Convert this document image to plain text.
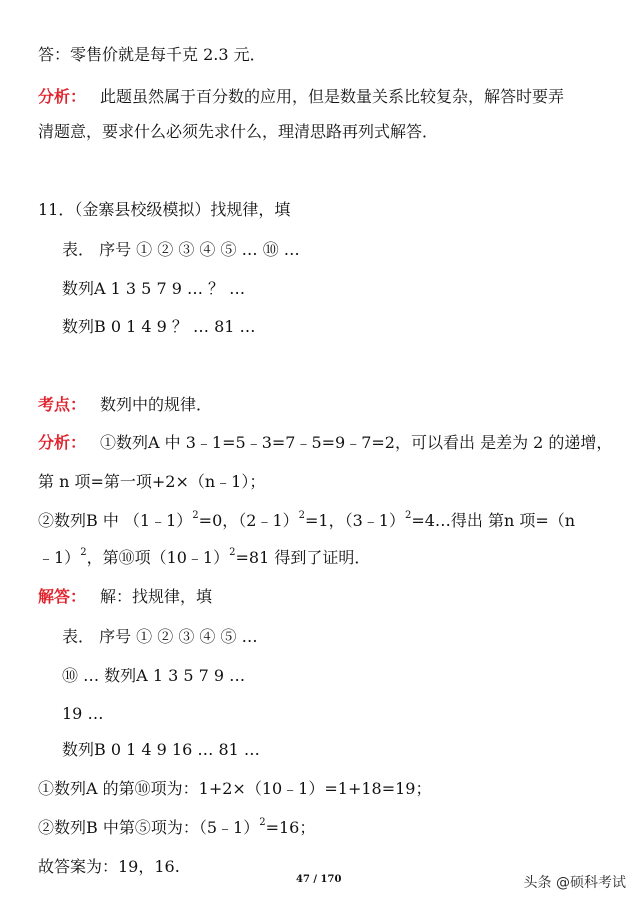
答：零售价就是每千克 2.3 元．
分析： 此题虽然属于百分数的应用，但是数量关系比较复杂，解答时要弄
清题意，要求什么必须先求什么，理清思路再列式解答．
11．（金寨县校级模拟）找规律，填
表． 序号 ① ② ③ ④ ⑤ … ⑩ …
数列A 1 3 5 7 9 … ？ …
数列B 0 1 4 9 ？ … 81 …
考点： 数列中的规律．
分析： ①数列A 中 3﹣1=5﹣3=7﹣5=9﹣7=2，可以看出 是差为 2 的递增，
第 n 项=第一项+2×（n﹣1）；
②数列B 中 （1﹣1）$^2$=0，（2﹣1）$^2$=1，（3﹣1）$^2$=4…得出 第n 项=（n
﹣1）$^2$，第⑩项（10﹣1）$^2$=81 得到了证明．
解答： 解：找规律，填
表． 序号 ① ② ③ ④ ⑤ …
⑩ … 数列A 1 3 5 7 9 …
19 …
数列B 0 1 4 9 16 … 81 …
①数列A 的第⑩项为：1+2×（10﹣1）=1+18=19；
②数列B 中第⑤项为：（5﹣1）$^2$=16；
故答案为：19，16.
47 / 170	头条 @硕科考试
